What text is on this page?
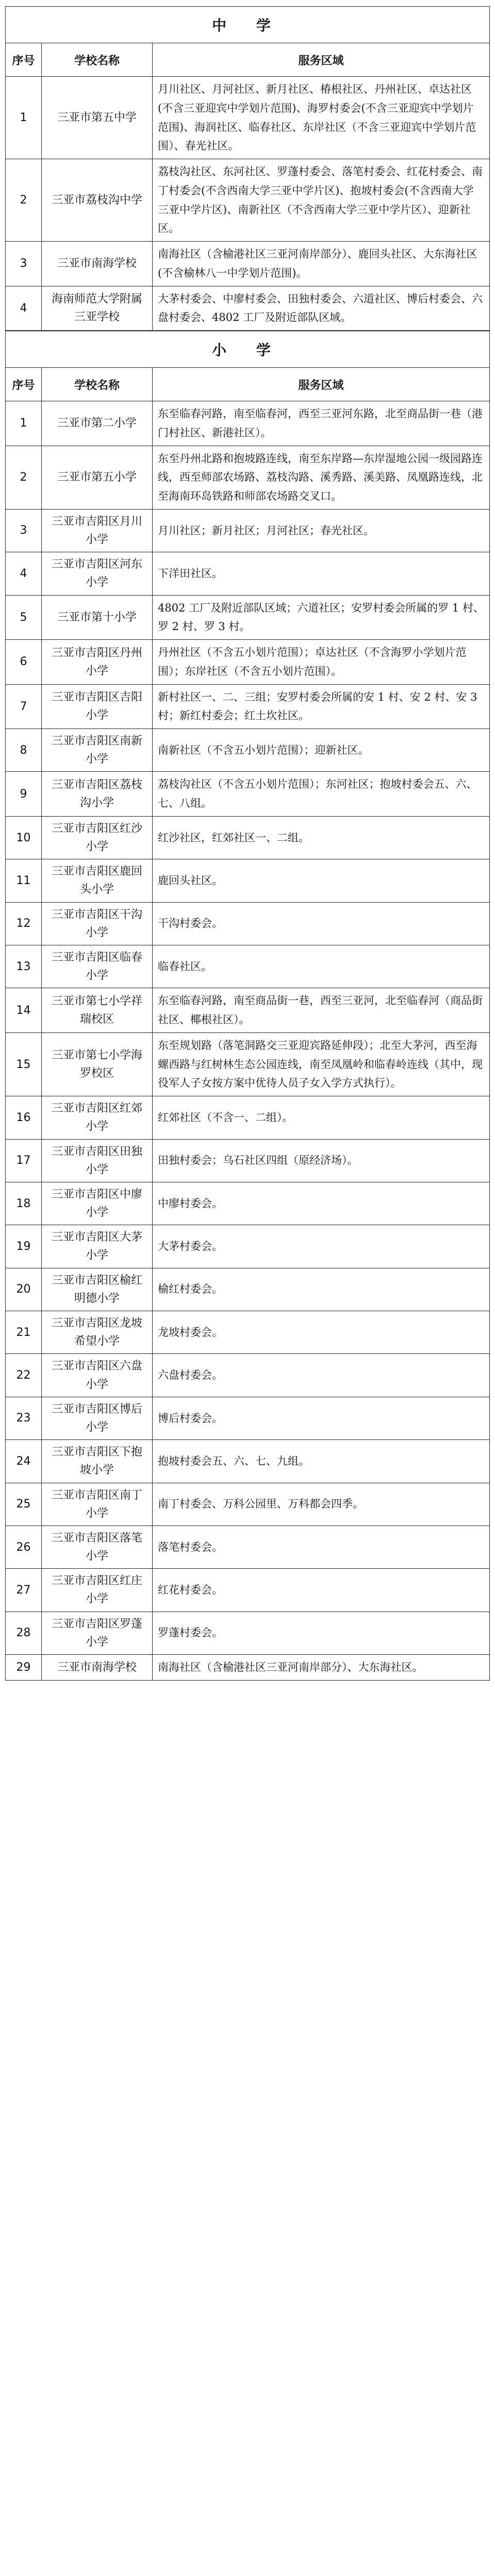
中 学		
序号	学校名称	服务区域
1	三亚市第五中学	月川社区、月河社区、新月社区、椿根社区、丹州社区、卓达社区(不含三亚迎宾中学划片范围)、海罗村委会(不含三亚迎宾中学划片范围)、海润社区、临春社区、东岸社区（不含三亚迎宾中学划片范围）、春光社区。
2	三亚市荔枝沟中学	荔枝沟社区、东河社区、罗蓬村委会、落笔村委会、红花村委会、南丁村委会(不含西南大学三亚中学片区)、抱坡村委会(不含西南大学三亚中学片区)、南新社区（不含西南大学三亚中学片区）、迎新社区。
3	三亚市南海学校	南海社区（含榆港社区三亚河南岸部分）、鹿回头社区、大东海社区(不含榆林八一中学划片范围)。
4	海南师范大学附属三亚学校	大茅村委会、中廖村委会、田独村委会、六道社区、博后村委会、六盘村委会、4802 工厂及附近部队区域。
小 学		
序号	学校名称	服务区域
1	三亚市第二小学	东至临春河路，南至临春河，西至三亚河东路，北至商品街一巷（港门村社区、新港社区）。
2	三亚市第五小学	东至丹州北路和抱坡路连线，南至东岸路—东岸湿地公园一级园路连线，西至师部农场路、荔枝沟路、溪秀路、溪美路、凤凰路连线，北至海南环岛铁路和师部农场路交叉口。
3	三亚市吉阳区月川小学	月川社区；新月社区；月河社区；春光社区。
4	三亚市吉阳区河东小学	下洋田社区。
5	三亚市第十小学	4802 工厂及附近部队区域；六道社区；安罗村委会所属的罗 1 村、罗 2 村、罗 3 村。
6	三亚市吉阳区丹州小学	丹州社区（不含五小划片范围）；卓达社区（不含海罗小学划片范围）；东岸社区（不含五小划片范围）。
7	三亚市吉阳区吉阳小学	新村社区一、二、三组；安罗村委会所属的安 1 村、安 2 村、安 3 村；新红村委会；红土坎社区。
8	三亚市吉阳区南新小学	南新社区（不含五小划片范围）；迎新社区。
9	三亚市吉阳区荔枝沟小学	荔枝沟社区（不含五小划片范围）；东河社区；抱坡村委会五、六、七、八组。
10	三亚市吉阳区红沙小学	红沙社区，红郊社区一、二组。
11	三亚市吉阳区鹿回头小学	鹿回头社区。
12	三亚市吉阳区干沟小学	干沟村委会。
13	三亚市吉阳区临春小学	临春社区。
14	三亚市第七小学祥瑞校区	东至临春河路，南至商品街一巷，西至三亚河，北至临春河（商品街社区、椰根社区）。
15	三亚市第七小学海罗校区	东至规划路（落笔洞路交三亚迎宾路延伸段）；北至大茅河，西至海螺西路与红树林生态公园连线，南至凤凰岭和临春岭连线（其中，现役军人子女按方案中优待人员子女入学方式执行）。
16	三亚市吉阳区红郊小学	红郊社区（不含一、二组）。
17	三亚市吉阳区田独小学	田独村委会；乌石社区四组（原经济场）。
18	三亚市吉阳区中廖小学	中廖村委会。
19	三亚市吉阳区大茅小学	大茅村委会。
20	三亚市吉阳区榆红明德小学	榆红村委会。
21	三亚市吉阳区龙坡希望小学	龙坡村委会。
22	三亚市吉阳区六盘小学	六盘村委会。
23	三亚市吉阳区博后小学	博后村委会。
24	三亚市吉阳区下抱坡小学	抱坡村委会五、六、七、九组。
25	三亚市吉阳区南丁小学	南丁村委会、万科公园里、万科都会四季。
26	三亚市吉阳区落笔小学	落笔村委会。
27	三亚市吉阳区红庄小学	红花村委会。
28	三亚市吉阳区罗蓬小学	罗蓬村委会。
29	三亚市南海学校	南海社区（含榆港社区三亚河南岸部分）、大东海社区。
